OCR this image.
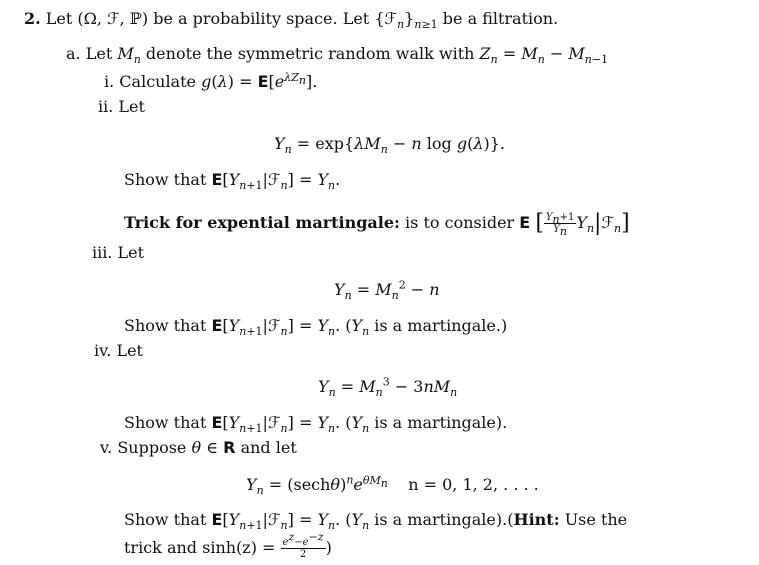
2. Let (Ω, ℱ, ℙ) be a probability space. Let $\{ℱ_n\}_{n\ge 1}$ be a filtration.
a. Let $M_n$ denote the symmetric random walk with $Z_n = M_n - M_{n-1}$
i. Calculate $g(\lambda) = E[e^{\lambda Z_n}]$.
ii. Let
$Y_n = \exp\{\lambda M_n - n$ log g(λ)}.
Show that $E[Y_{n+1}|ℱ_n] = Y_n$.
Trick for expential martingale: is to consider E [ $\frac{Y_n+1}{Y_n}$ $Y_n|ℱ_n$]
iii. Let
$Y_n = M_n^2 - n$
Show that $E[Y_{n+1}|ℱ_n] = Y_n$. ($Y_n$ is a martingale.)
iv. Let
$Y_n = M_n^3 - 3nM_n$
Show that $E[Y_{n+1}|ℱ_n] = Y_n$. ($Y_n$ is a martingale).
v. Suppose θ ∈ R and let
$Y_n = (\sec h\theta)^ne^{\theta M_n}$ n = 0, 1, 2, . . . .
Show that $E[Y_{n+1}|ℱ_n] = Y_n$. ($Y_n$ is a martingale).(Hint: Use the
trick and $\sinh(z) = \frac{e^z-e^{-z}}{2}$ )
